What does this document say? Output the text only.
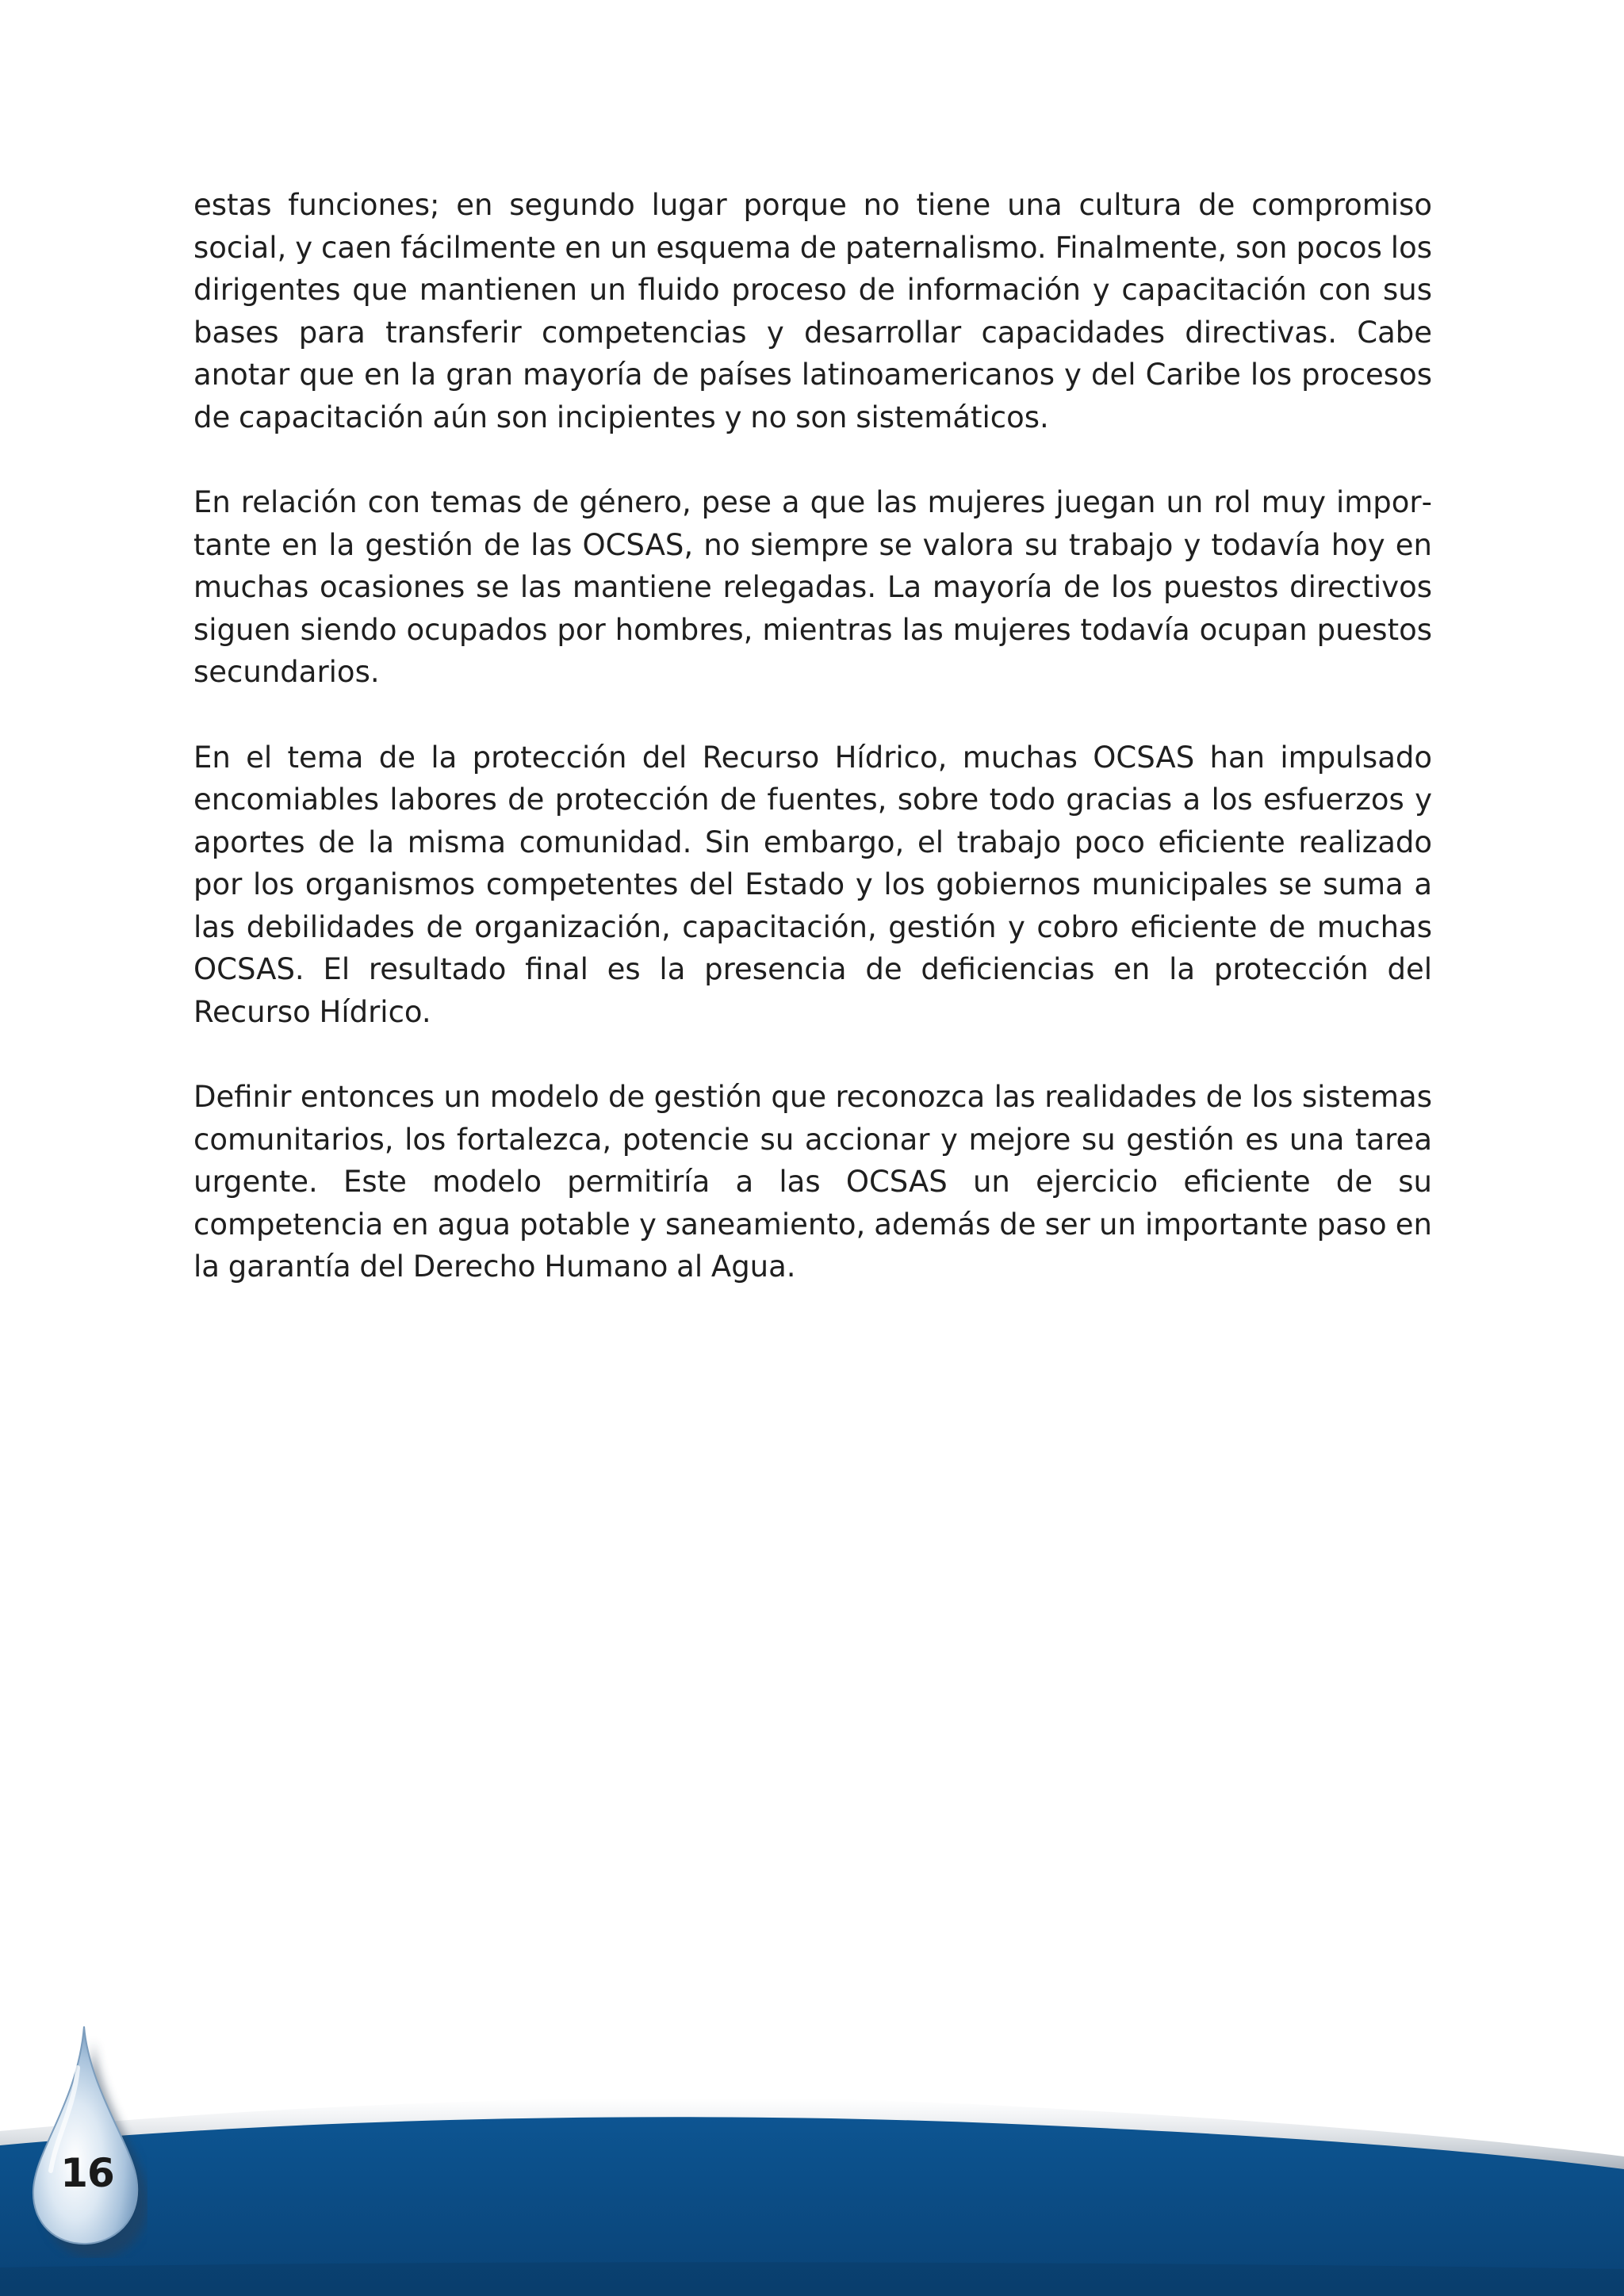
estas funciones; en segundo lugar porque no tiene una cultura de compromiso social, y caen fácilmente en un esquema de paternalismo. Finalmente, son pocos los dirigentes que mantienen un fluido proceso de información y capacitación con sus bases para transferir competencias y desarrollar capacidades directivas. Cabe anotar que en la gran mayoría de países latinoamericanos y del Caribe los procesos de capacitación aún son incipientes y no son sistemáticos.

En relación con temas de género, pese a que las mujeres juegan un rol muy importante en la gestión de las OCSAS, no siempre se valora su trabajo y todavía hoy en muchas ocasiones se las mantiene relegadas. La mayoría de los puestos directivos siguen siendo ocupados por hombres, mientras las mujeres todavía ocupan puestos secundarios.

En el tema de la protección del Recurso Hídrico, muchas OCSAS han impulsado encomiables labores de protección de fuentes, sobre todo gracias a los esfuerzos y aportes de la misma comunidad. Sin embargo, el trabajo poco eficiente realizado por los organismos competentes del Estado y los gobiernos municipales se suma a las debilidades de organización, capacitación, gestión y cobro eficiente de muchas OCSAS. El resultado final es la presencia de deficiencias en la protección del Recurso Hídrico.

Definir entonces un modelo de gestión que reconozca las realidades de los sistemas comunitarios, los fortalezca, potencie su accionar y mejore su gestión es una tarea urgente. Este modelo permitiría a las OCSAS un ejercicio eficiente de su competencia en agua potable y saneamiento, además de ser un importante paso en la garantía del Derecho Humano al Agua.

16
